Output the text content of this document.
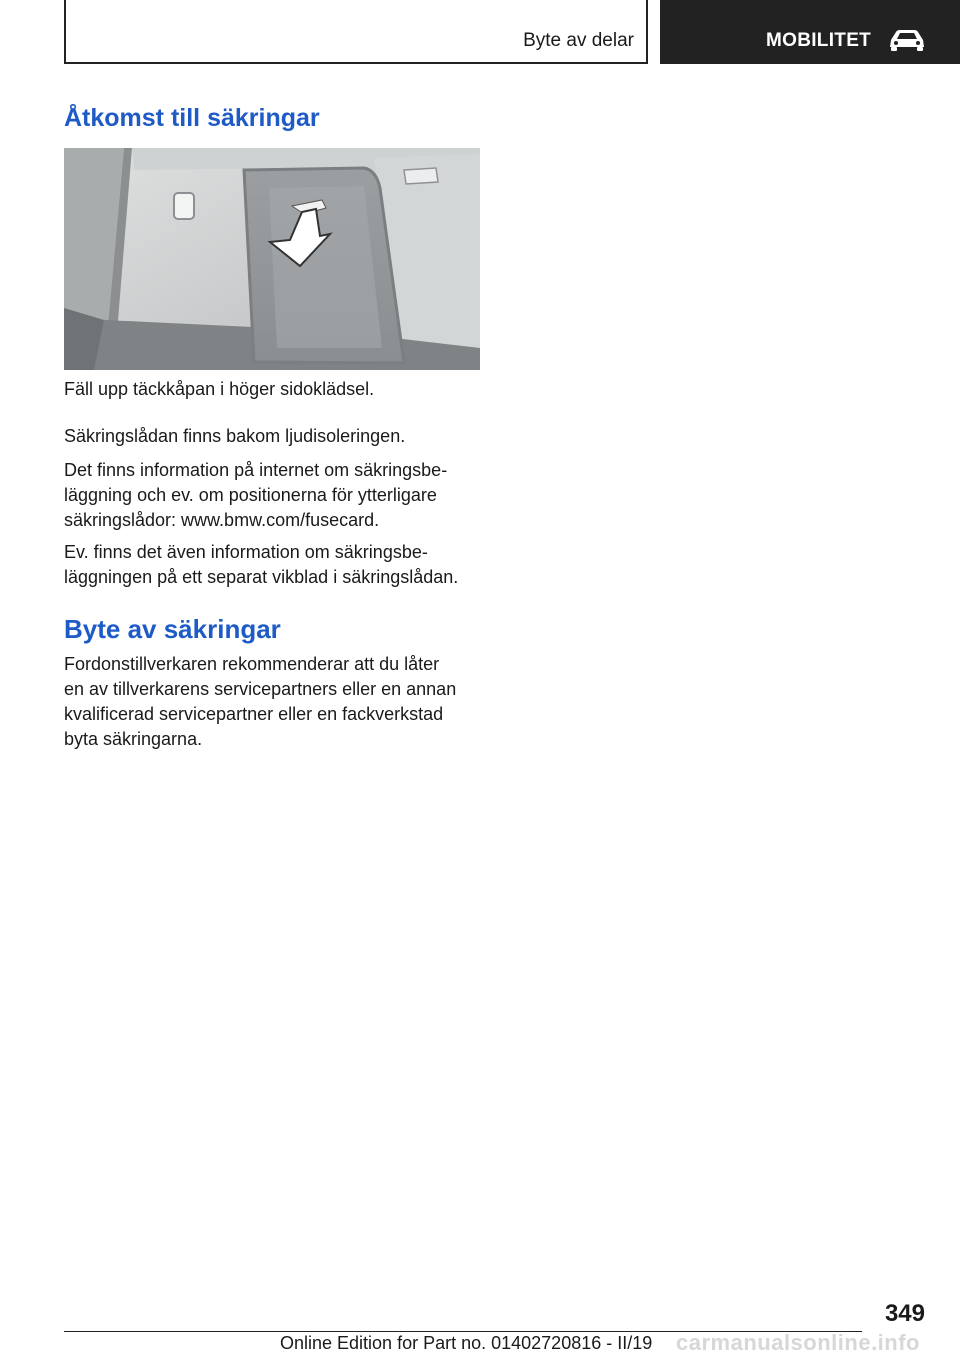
Byte av delar	MOBILITET
Åtkomst till säkringar

Fäll upp täckkåpan i höger sidoklädsel.

Säkringslådan finns bakom ljudisoleringen.

Det finns information på internet om säkringsbe‐
läggning och ev. om positionerna för ytterligare
säkringslådor: www.bmw.com/fusecard.

Ev. finns det även information om säkringsbe‐
läggningen på ett separat vikblad i säkringslådan.

Byte av säkringar

Fordonstillverkaren rekommenderar att du låter
en av tillverkarens servicepartners eller en annan
kvalificerad servicepartner eller en fackverkstad
byta säkringarna.

349
Online Edition for Part no. 01402720816 - II/19 carmanualsonline.info
